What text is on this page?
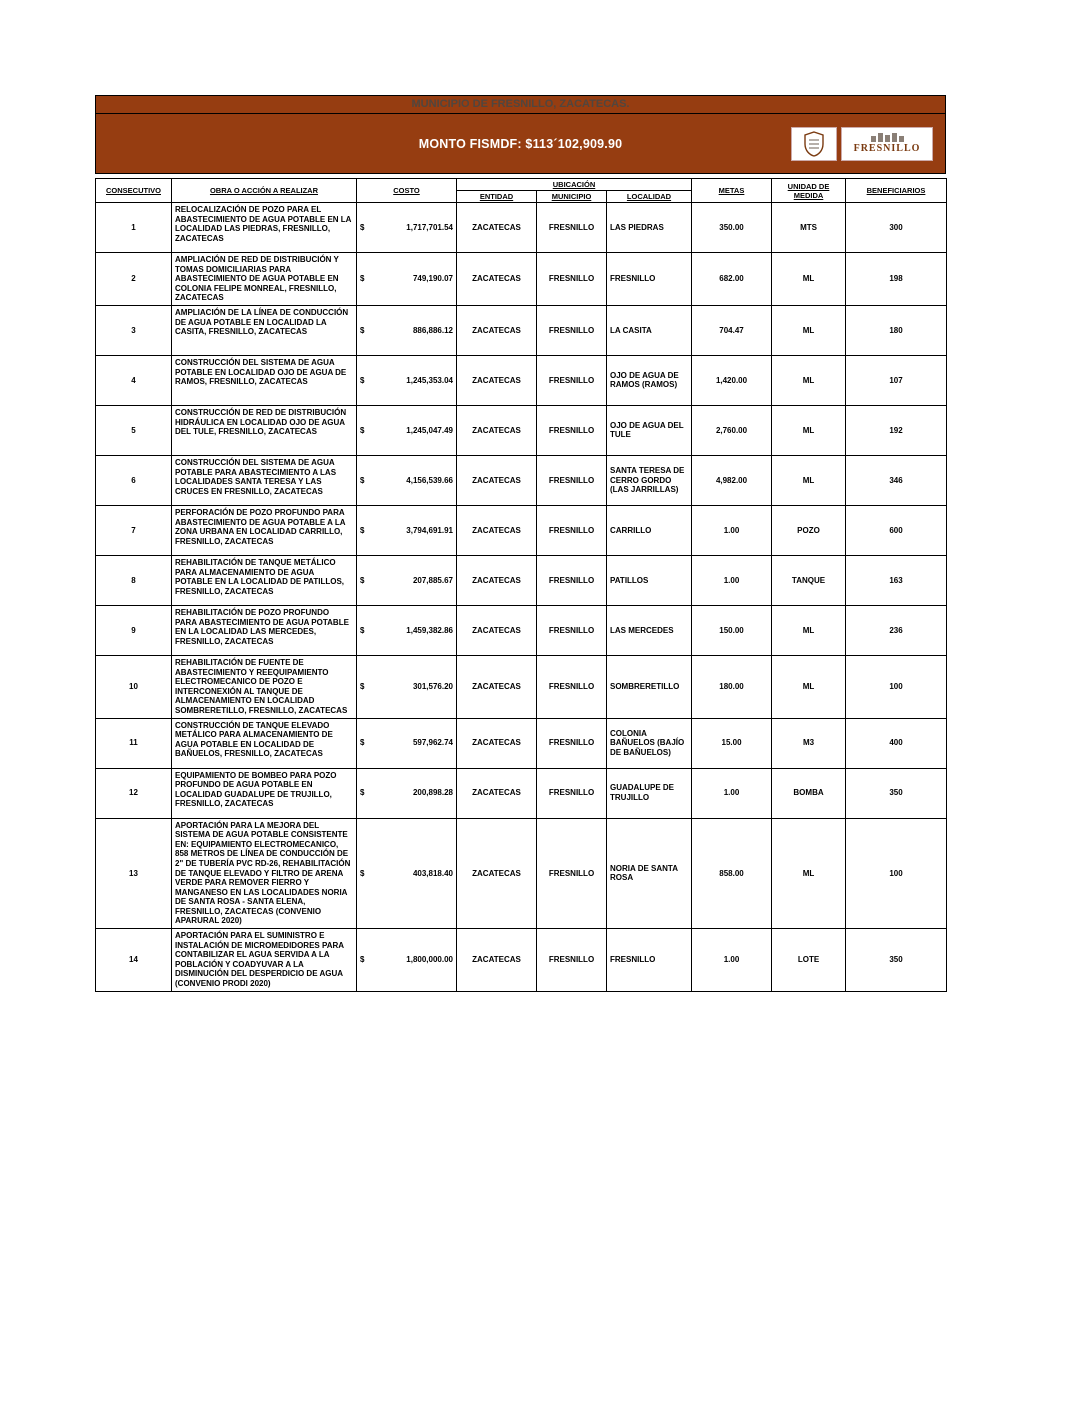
MUNICIPIO DE FRESNILLO, ZACATECAS.
MONTO FISMDF: $113´102,909.90	FRESNILLO
CONSECUTIVO	OBRA O ACCIÓN A REALIZAR	COSTO	UBICACIÓN			METAS	UNIDAD DE MEDIDA	BENEFICIARIOS
			ENTIDAD	MUNICIPIO	LOCALIDAD			
1	RELOCALIZACIÓN DE POZO PARA EL ABASTECIMIENTO DE AGUA POTABLE EN LA LOCALIDAD LAS PIEDRAS, FRESNILLO, ZACATECAS	$ 1,717,701.54	ZACATECAS	FRESNILLO	LAS PIEDRAS	350.00	MTS	300
2	AMPLIACIÓN DE RED DE DISTRIBUCIÓN Y TOMAS DOMICILIARIAS PARA ABASTECIMIENTO DE AGUA POTABLE EN COLONIA FELIPE MONREAL, FRESNILLO, ZACATECAS	$ 749,190.07	ZACATECAS	FRESNILLO	FRESNILLO	682.00	ML	198
3	AMPLIACIÓN DE LA LÍNEA DE CONDUCCIÓN DE AGUA POTABLE EN LOCALIDAD LA CASITA, FRESNILLO, ZACATECAS	$ 886,886.12	ZACATECAS	FRESNILLO	LA CASITA	704.47	ML	180
4	CONSTRUCCIÓN DEL SISTEMA DE AGUA POTABLE EN LOCALIDAD OJO DE AGUA DE RAMOS, FRESNILLO, ZACATECAS	$ 1,245,353.04	ZACATECAS	FRESNILLO	OJO DE AGUA DE RAMOS (RAMOS)	1,420.00	ML	107
5	CONSTRUCCIÓN DE RED DE DISTRIBUCIÓN HIDRÁULICA EN LOCALIDAD OJO DE AGUA DEL TULE, FRESNILLO, ZACATECAS	$ 1,245,047.49	ZACATECAS	FRESNILLO	OJO DE AGUA DEL TULE	2,760.00	ML	192
6	CONSTRUCCIÓN DEL SISTEMA DE AGUA POTABLE PARA ABASTECIMIENTO A LAS LOCALIDADES SANTA TERESA Y LAS CRUCES EN FRESNILLO, ZACATECAS	$ 4,156,539.66	ZACATECAS	FRESNILLO	SANTA TERESA DE CERRO GORDO (LAS JARRILLAS)	4,982.00	ML	346
7	PERFORACIÓN DE POZO PROFUNDO PARA ABASTECIMIENTO DE AGUA POTABLE A LA ZONA URBANA EN LOCALIDAD CARRILLO, FRESNILLO, ZACATECAS	$ 3,794,691.91	ZACATECAS	FRESNILLO	CARRILLO	1.00	POZO	600
8	REHABILITACIÓN DE TANQUE METÁLICO PARA ALMACENAMIENTO DE AGUA POTABLE EN LA LOCALIDAD DE PATILLOS, FRESNILLO, ZACATECAS	$ 207,885.67	ZACATECAS	FRESNILLO	PATILLOS	1.00	TANQUE	163
9	REHABILITACIÓN DE POZO PROFUNDO PARA ABASTECIMIENTO DE AGUA POTABLE EN LA LOCALIDAD LAS MERCEDES, FRESNILLO, ZACATECAS	$ 1,459,382.86	ZACATECAS	FRESNILLO	LAS MERCEDES	150.00	ML	236
10	REHABILITACIÓN DE FUENTE DE ABASTECIMIENTO Y REEQUIPAMIENTO ELECTROMECANICO DE POZO E INTERCONEXIÓN AL TANQUE DE ALMACENAMIENTO EN LOCALIDAD SOMBRERETILLO, FRESNILLO, ZACATECAS	$ 301,576.20	ZACATECAS	FRESNILLO	SOMBRERETILLO	180.00	ML	100
11	CONSTRUCCIÓN DE TANQUE ELEVADO METÁLICO PARA ALMACENAMIENTO DE AGUA POTABLE EN LOCALIDAD DE BAÑUELOS, FRESNILLO, ZACATECAS	$ 597,962.74	ZACATECAS	FRESNILLO	COLONIA BAÑUELOS (BAJÍO DE BAÑUELOS)	15.00	M3	400
12	EQUIPAMIENTO DE BOMBEO PARA POZO PROFUNDO DE AGUA POTABLE EN LOCALIDAD GUADALUPE DE TRUJILLO, FRESNILLO, ZACATECAS	$ 200,898.28	ZACATECAS	FRESNILLO	GUADALUPE DE TRUJILLO	1.00	BOMBA	350
13	APORTACIÓN PARA LA MEJORA DEL SISTEMA DE AGUA POTABLE CONSISTENTE EN: EQUIPAMIENTO ELECTROMECANICO, 858 METROS DE LÍNEA DE CONDUCCIÓN DE 2" DE TUBERÍA PVC RD-26, REHABILITACIÓN DE TANQUE ELEVADO Y FILTRO DE ARENA VERDE PARA REMOVER FIERRO Y MANGANESO EN LAS LOCALIDADES NORIA DE SANTA ROSA - SANTA ELENA, FRESNILLO, ZACATECAS (CONVENIO APARURAL 2020)	$ 403,818.40	ZACATECAS	FRESNILLO	NORIA DE SANTA ROSA	858.00	ML	100
14	APORTACIÓN PARA EL SUMINISTRO E INSTALACIÓN DE MICROMEDIDORES PARA CONTABILIZAR EL AGUA SERVIDA A LA POBLACIÓN Y COADYUVAR A LA DISMINUCIÓN DEL DESPERDICIO DE AGUA (CONVENIO PRODI 2020)	$ 1,800,000.00	ZACATECAS	FRESNILLO	FRESNILLO	1.00	LOTE	350
